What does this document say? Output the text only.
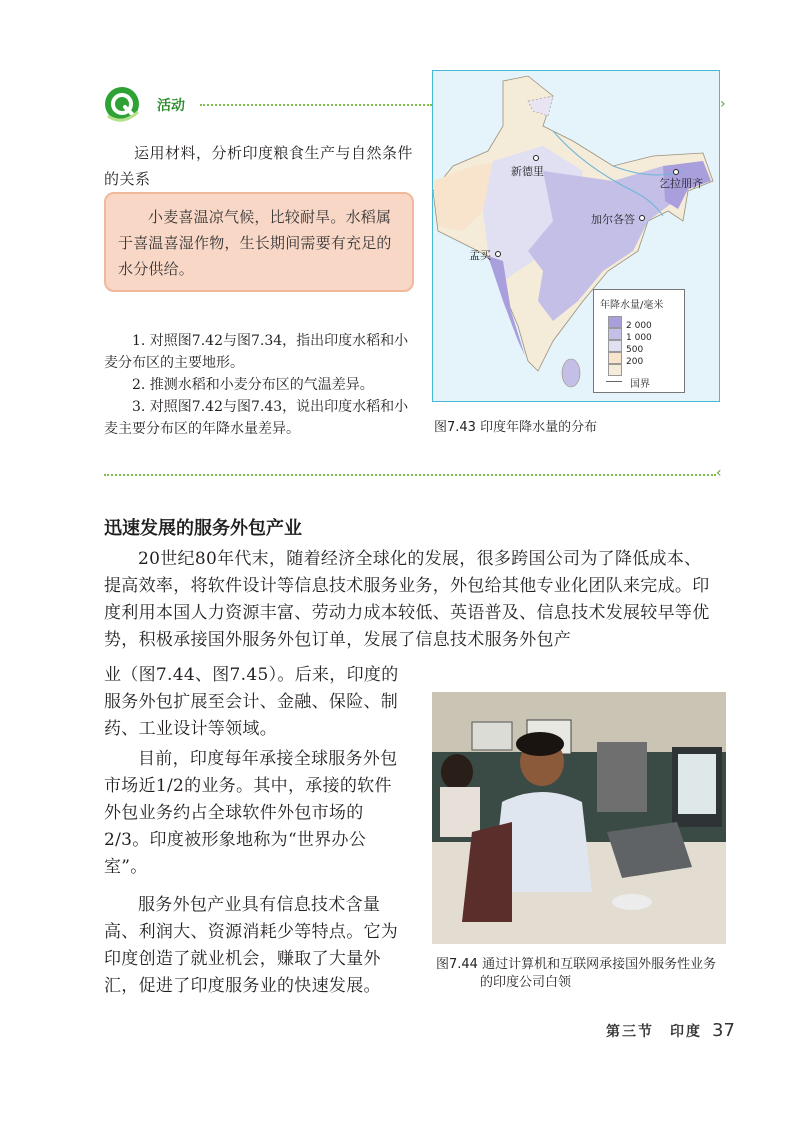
活动
运用材料，分析印度粮食生产与自然条件的关系
小麦喜温凉气候，比较耐旱。水稻属于喜温喜湿作物，生长期间需要有充足的水分供给。

1. 对照图7.42与图7.34，指出印度水稻和小麦分布区的主要地形。

2. 推测水稻和小麦分布区的气温差异。

3. 对照图7.42与图7.43，说出印度水稻和小麦主要分布区的年降水量差异。

新德里
乞拉朋齐
加尔各答
孟买
年降水量/毫米
2 000
1 000
500
200
国界
›
图7.43 印度年降水量的分布
‹
迅速发展的服务外包产业
20世纪80年代末，随着经济全球化的发展，很多跨国公司为了降低成本、提高效率，将软件设计等信息技术服务业务，外包给其他专业化团队来完成。印度利用本国人力资源丰富、劳动力成本较低、英语普及、信息技术发展较早等优势，积极承接国外服务外包订单，发展了信息技术服务外包产
业（图7.44、图7.45）。后来，印度的服务外包扩展至会计、金融、保险、制药、工业设计等领域。
目前，印度每年承接全球服务外包市场近1/2的业务。其中，承接的软件外包业务约占全球软件外包市场的2/3。印度被形象地称为“世界办公室”。
服务外包产业具有信息技术含量高、利润大、资源消耗少等特点。它为印度创造了就业机会，赚取了大量外汇，促进了印度服务业的快速发展。
图7.44 通过计算机和互联网承接国外服务性业务
的印度公司白领
第三节　印度 37
